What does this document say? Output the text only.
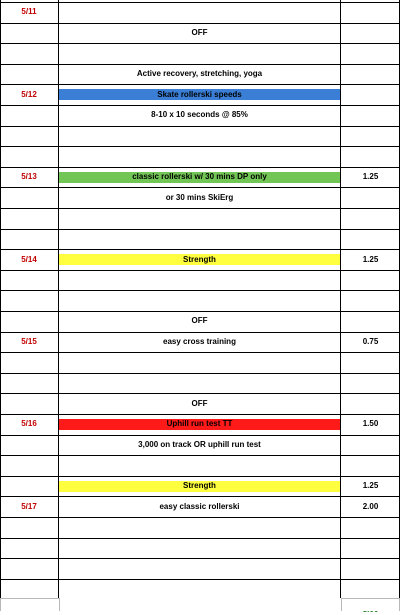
5/11
OFF
Active recovery, stretching, yoga
5/12	Skate rollerski speeds
8-10 x 10 seconds @ 85%
5/13	classic rollerski w/ 30 mins DP only	1.25
or 30 mins SkiErg
5/14	Strength	1.25
OFF
5/15	easy cross training	0.75
OFF
5/16	Uphill run test TT	1.50
3,000 on track OR uphill run test
Strength	1.25
5/17	easy classic rollerski	2.00
